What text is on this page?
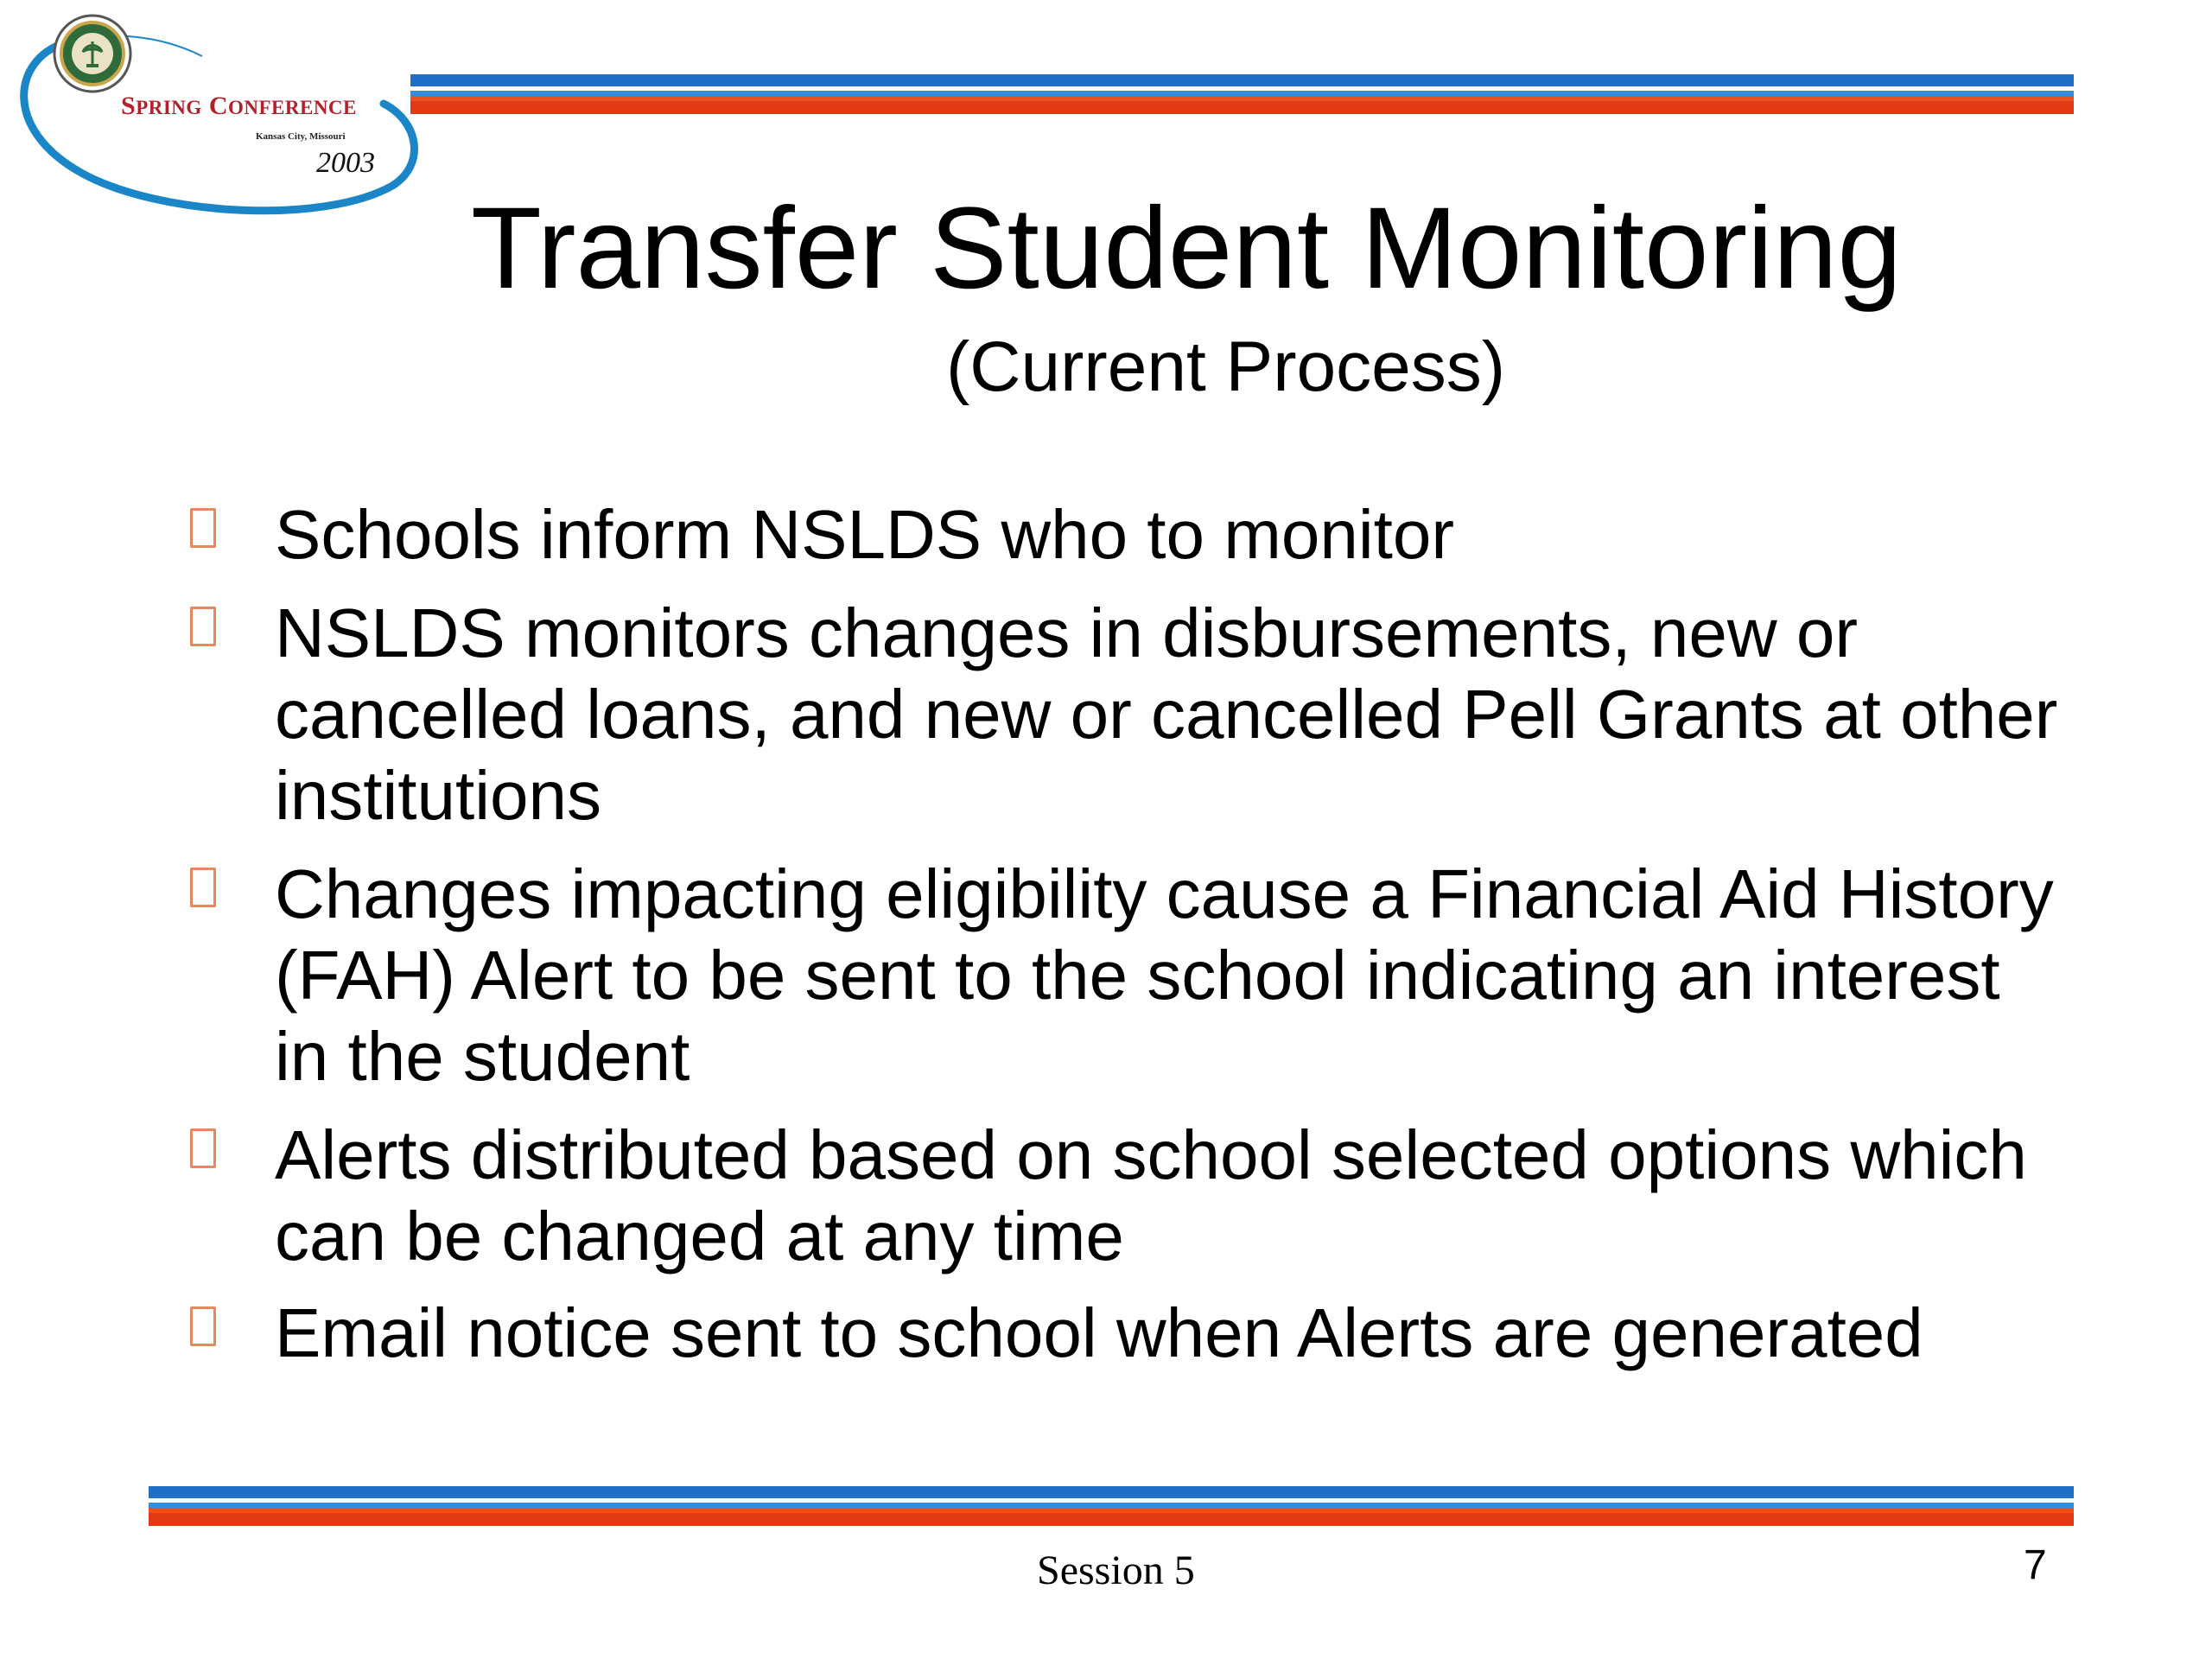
SPRING CONFERENCE
Kansas City, Missouri
2003
Transfer Student Monitoring
(Current Process)
Schools inform NSLDS who to monitor
NSLDS monitors changes in disbursements, new or cancelled loans, and new or cancelled Pell Grants at other institutions
Changes impacting eligibility cause a Financial Aid History (FAH) Alert to be sent to the school indicating an interest in the student
Alerts distributed based on school selected options which can be changed at any time
Email notice sent to school when Alerts are generated
Session 5	7
